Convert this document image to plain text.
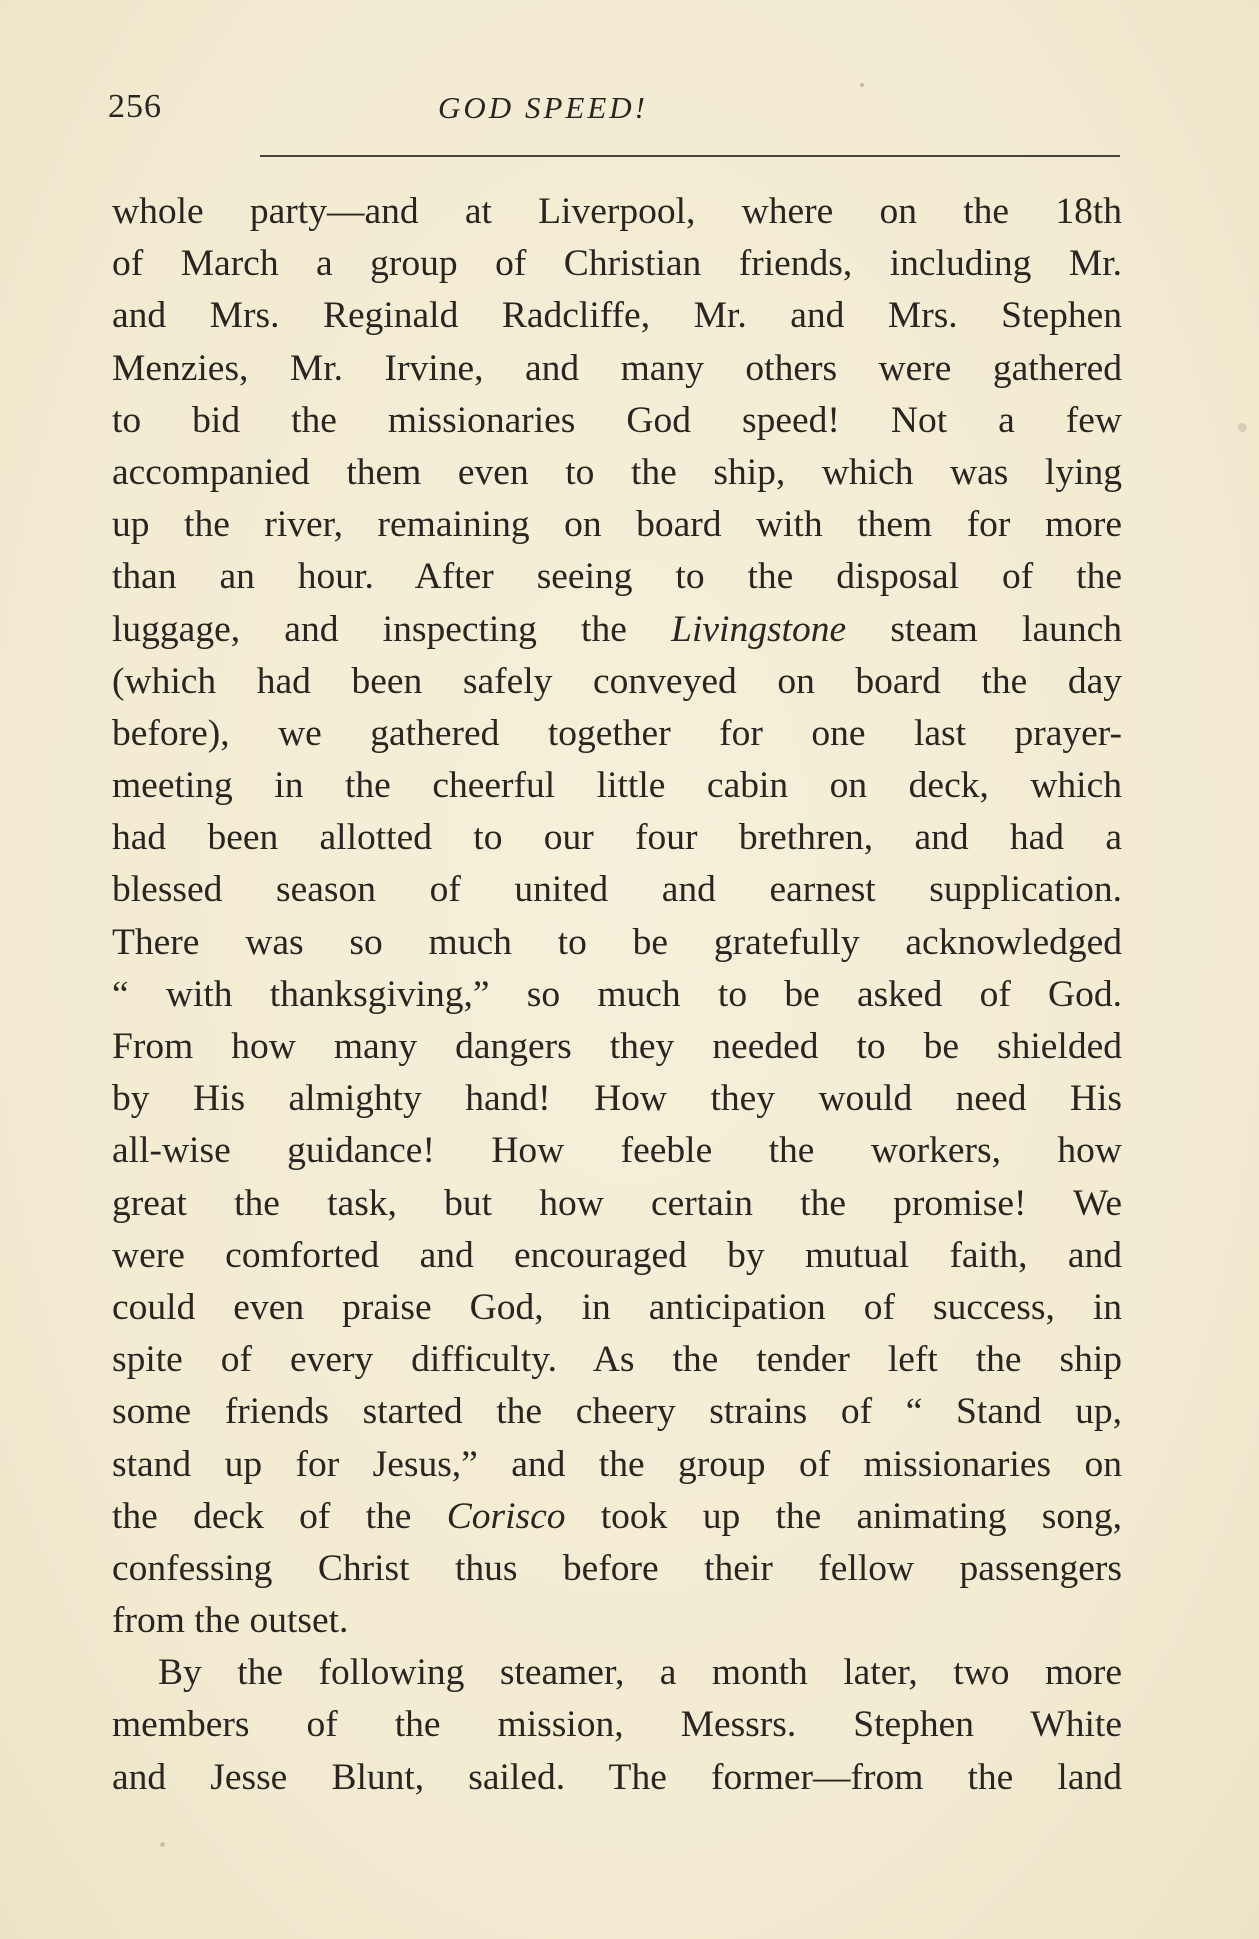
256	GOD SPEED!
whole party—and at Liverpool, where on the 18th
of March a group of Christian friends, including Mr.
and Mrs. Reginald Radcliffe, Mr. and Mrs. Stephen
Menzies, Mr. Irvine, and many others were gathered
to bid the missionaries God speed! Not a few
accompanied them even to the ship, which was lying
up the river, remaining on board with them for more
than an hour. After seeing to the disposal of the
luggage, and inspecting the Livingstone steam launch
(which had been safely conveyed on board the day
before), we gathered together for one last prayer-
meeting in the cheerful little cabin on deck, which
had been allotted to our four brethren, and had a
blessed season of united and earnest supplication.
There was so much to be gratefully acknowledged
“ with thanksgiving,” so much to be asked of God.
From how many dangers they needed to be shielded
by His almighty hand! How they would need His
all-wise guidance! How feeble the workers, how
great the task, but how certain the promise! We
were comforted and encouraged by mutual faith, and
could even praise God, in anticipation of success, in
spite of every difficulty. As the tender left the ship
some friends started the cheery strains of “ Stand up,
stand up for Jesus,” and the group of missionaries on
the deck of the Corisco took up the animating song,
confessing Christ thus before their fellow passengers
from the outset.
By the following steamer, a month later, two more
members of the mission, Messrs. Stephen White
and Jesse Blunt, sailed. The former—from the land
